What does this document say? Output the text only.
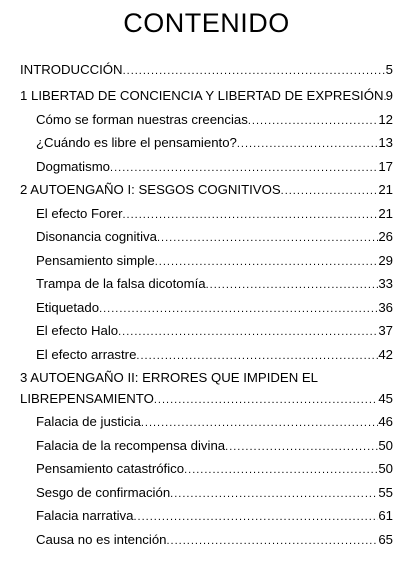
CONTENIDO
INTRODUCCIÓN .....	5
1 LIBERTAD DE CONCIENCIA Y LIBERTAD DE EXPRESIÓN ..... 9
Cómo se forman nuestras creencias .....	12
¿Cuándo es libre el pensamiento? .....	13
Dogmatismo .....	17
2 AUTOENGAÑO I: SESGOS COGNITIVOS .....	21
El efecto Forer .....	21
Disonancia cognitiva .....	26
Pensamiento simple .....	29
Trampa de la falsa dicotomía .....	33
Etiquetado .....	36
El efecto Halo .....	37
El efecto arrastre .....	42
3 AUTOENGAÑO II: ERRORES QUE IMPIDEN EL
LIBREPENSAMIENTO .....	45
Falacia de justicia .....	46
Falacia de la recompensa divina .....	50
Pensamiento catastrófico .....	50
Sesgo de confirmación .....	55
Falacia narrativa .....	61
Causa no es intención .....	65
